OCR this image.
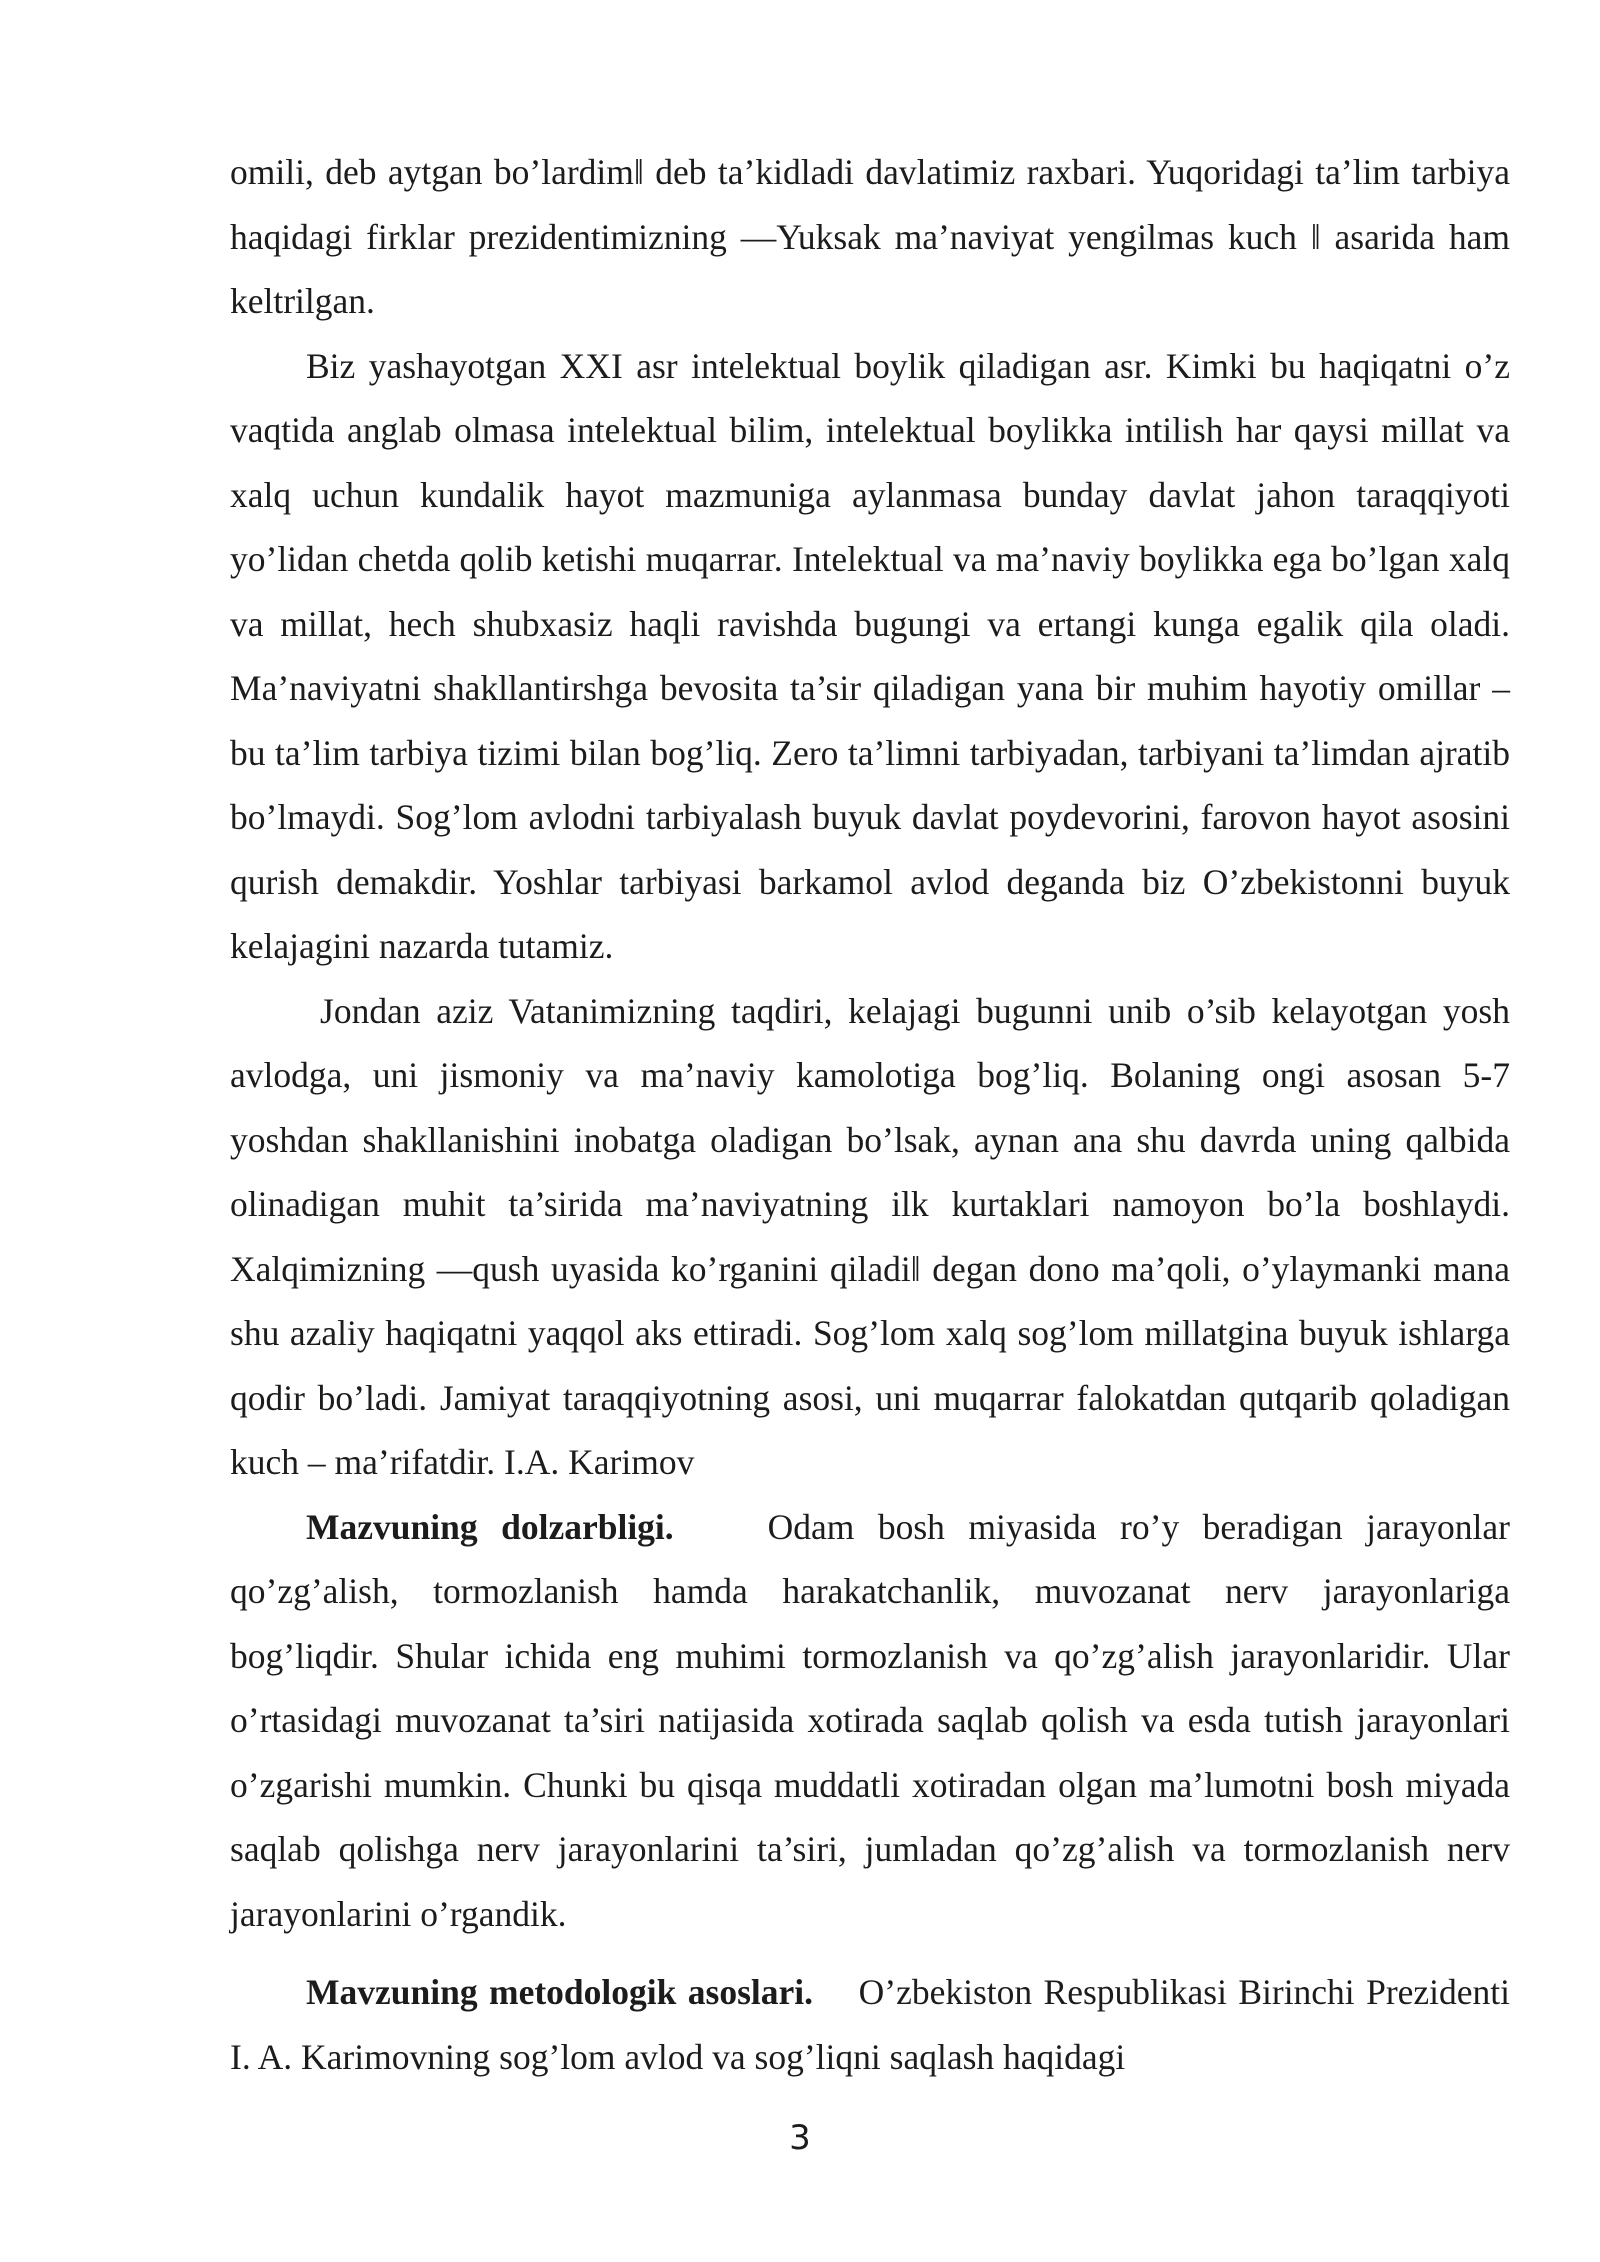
omili, deb aytgan bo’lardim‖ deb ta’kidladi davlatimiz raxbari. Yuqoridagi ta’lim tarbiya haqidagi firklar prezidentimizning ―Yuksak ma’naviyat yengilmas kuch ‖ asarida ham keltrilgan.

Biz yashayotgan XXI asr intelektual boylik qiladigan asr. Kimki bu haqiqatni o’z vaqtida anglab olmasa intelektual bilim, intelektual boylikka intilish har qaysi millat va xalq uchun kundalik hayot mazmuniga aylanmasa bunday davlat jahon taraqqiyoti yo’lidan chetda qolib ketishi muqarrar. Intelektual va ma’naviy boylikka ega bo’lgan xalq va millat, hech shubxasiz haqli ravishda bugungi va ertangi kunga egalik qila oladi. Ma’naviyatni shakllantirshga bevosita ta’sir qiladigan yana bir muhim hayotiy omillar – bu ta’lim tarbiya tizimi bilan bog’liq. Zero ta’limni tarbiyadan, tarbiyani ta’limdan ajratib bo’lmaydi. Sog’lom avlodni tarbiyalash buyuk davlat poydevorini, farovon hayot asosini qurish demakdir. Yoshlar tarbiyasi barkamol avlod deganda biz O’zbekistonni buyuk kelajagini nazarda tutamiz.

Jondan aziz Vatanimizning taqdiri, kelajagi bugunni unib o’sib kelayotgan yosh avlodga, uni jismoniy va ma’naviy kamolotiga bog’liq. Bolaning ongi asosan 5-7 yoshdan shakllanishini inobatga oladigan bo’lsak, aynan ana shu davrda uning qalbida olinadigan muhit ta’sirida ma’naviyatning ilk kurtaklari namoyon bo’la boshlaydi. Xalqimizning ―qush uyasida ko’rganini qiladi‖ degan dono ma’qoli, o’ylaymanki mana shu azaliy haqiqatni yaqqol aks ettiradi. Sog’lom xalq sog’lom millatgina buyuk ishlarga qodir bo’ladi. Jamiyat taraqqiyotning asosi, uni muqarrar falokatdan qutqarib qoladigan kuch – ma’rifatdir. I.A. Karimov

Mazvuning dolzarbligi.	Odam bosh miyasida ro’y beradigan jarayonlar qo’zg’alish, tormozlanish hamda harakatchanlik, muvozanat nerv jarayonlariga bog’liqdir. Shular ichida eng muhimi tormozlanish va qo’zg’alish jarayonlaridir. Ular o’rtasidagi muvozanat ta’siri natijasida xotirada saqlab qolish va esda tutish jarayonlari o’zgarishi mumkin. Chunki bu qisqa muddatli xotiradan olgan ma’lumotni bosh miyada saqlab qolishga nerv jarayonlarini ta’siri, jumladan qo’zg’alish va tormozlanish nerv jarayonlarini o’rgandik.

Mavzuning metodologik asoslari. O’zbekiston Respublikasi Birinchi Prezidenti I. A. Karimovning sog’lom avlod va sog’liqni saqlash haqidagi

3
